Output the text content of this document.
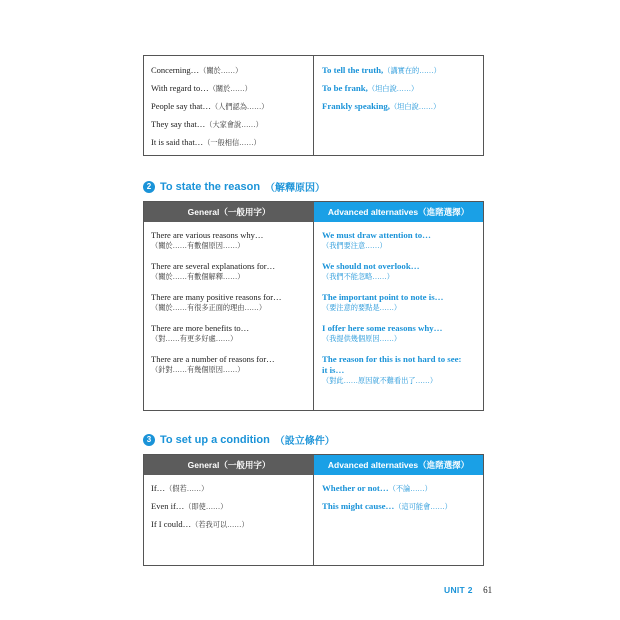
Concerning…（關於……）
With regard to…（關於……）
People say that…（人們認為……）
They say that…（大家會說……）
It is said that…（一般相信……）
To tell the truth,（講實在的……）
To be frank,（坦白說……）
Frankly speaking,（坦白說……）
2 To state the reason （解釋原因）
General（一般用字）	Advanced alternatives（進階選擇）
There are various reasons why…
（關於……有數個原因……）
There are several explanations for…
（關於……有數個解釋……）
There are many positive reasons for…
（關於……有很多正面的理由……）
There are more benefits to…
（對……有更多好處……）
There are a number of reasons for…
（針對……有幾個原因……）
We must draw attention to…
（我們要注意……）
We should not overlook…
（我們不能忽略……）
The important point to note is…
（要注意的要點是……）
I offer here some reasons why…
（我提供幾個原因……）
The reason for this is not hard to see: it is…
（對此……原因就不難看出了……）
3 To set up a condition （設立條件）
General（一般用字）	Advanced alternatives（進階選擇）
If…（假若……）
Even if…（即使……）
If I could…（若我可以……）
Whether or not…（不論……）
This might cause…（這可能會……）
UNIT 2 61
